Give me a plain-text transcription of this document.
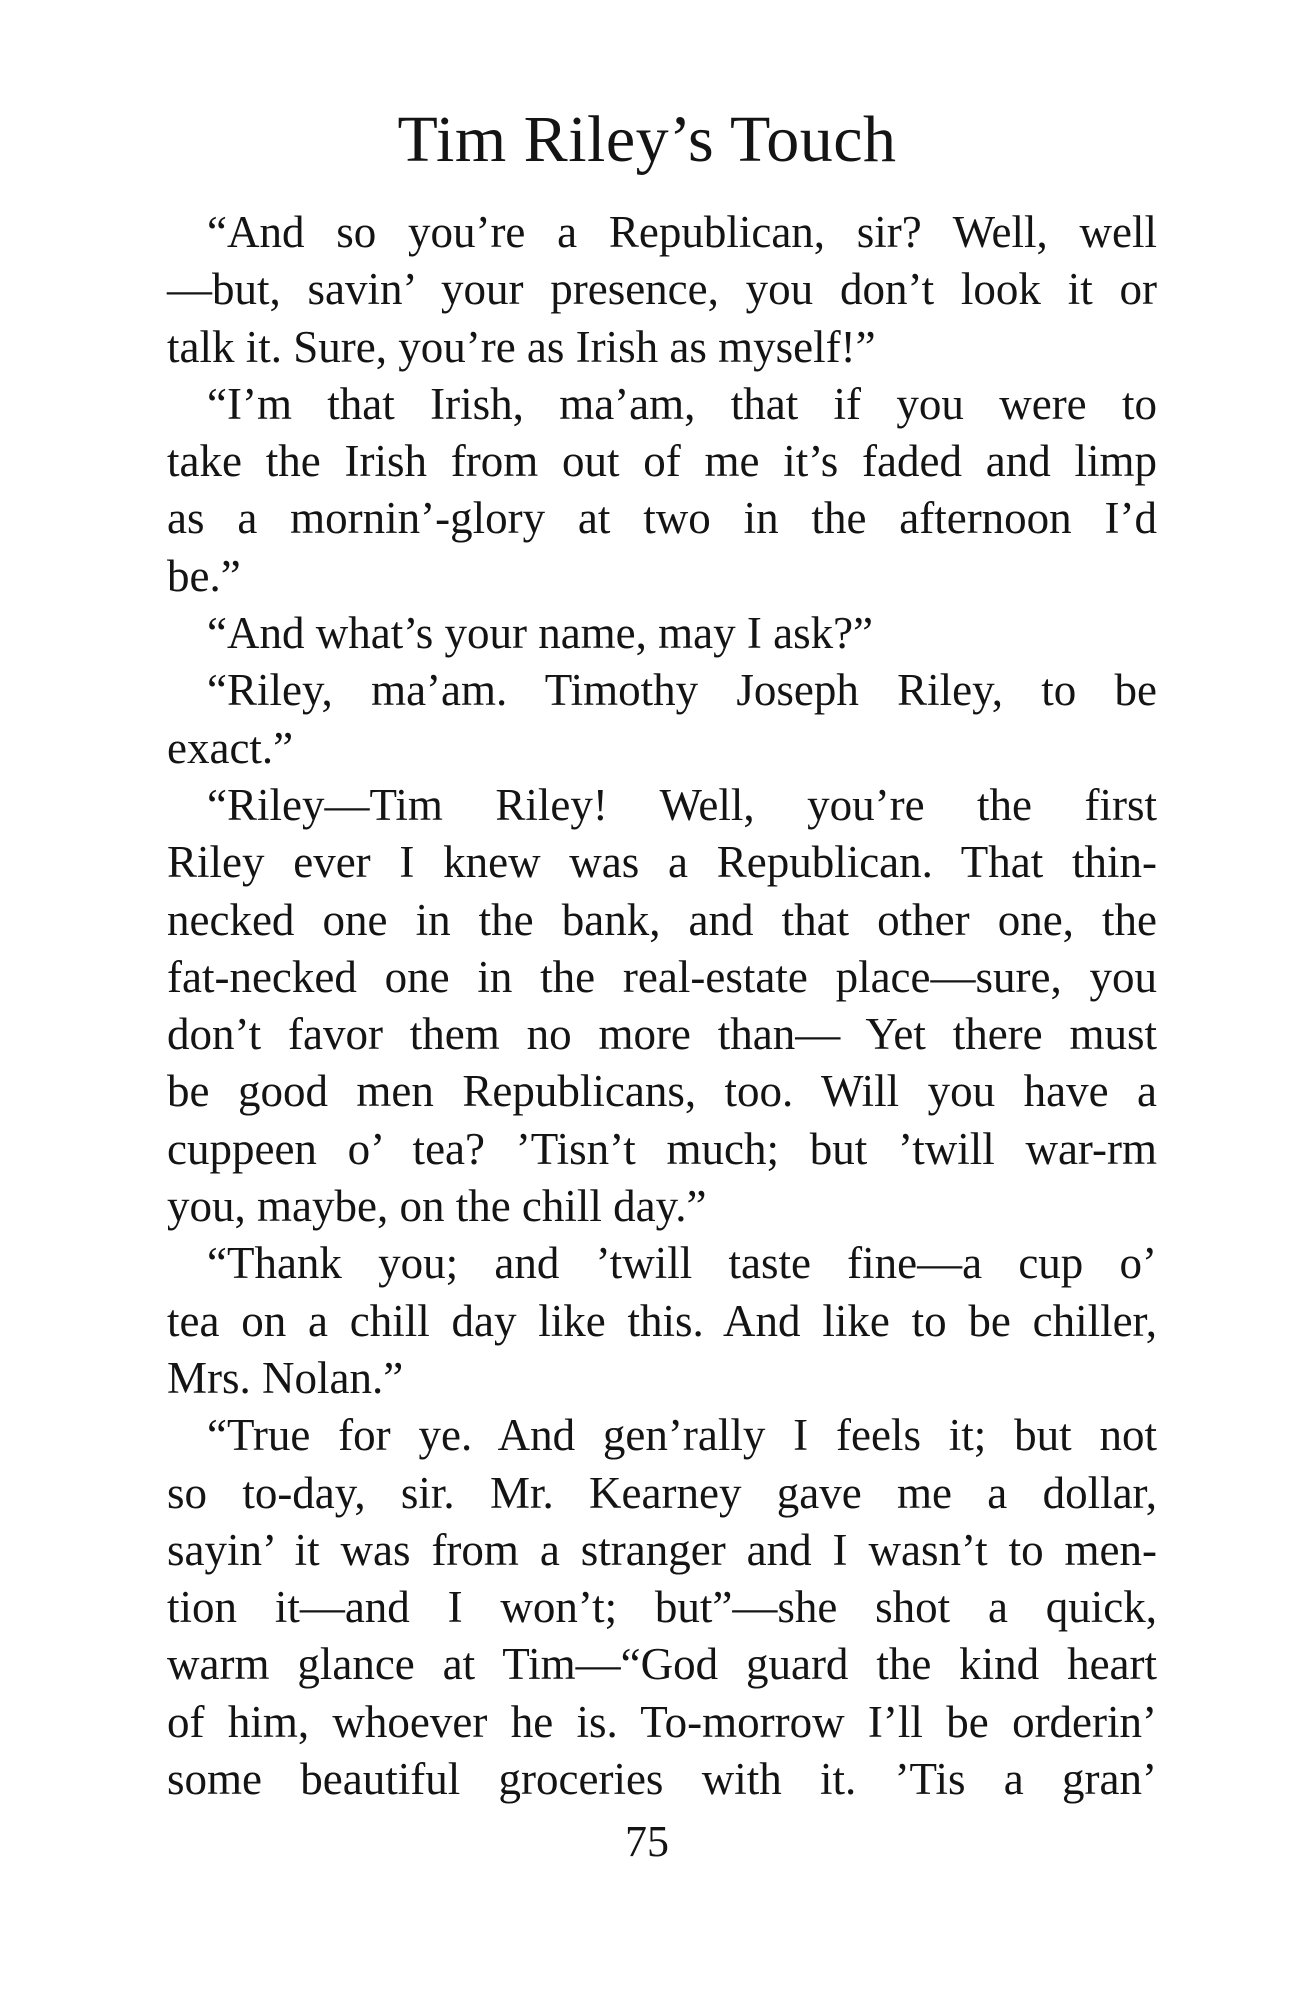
Tim Riley’s Touch
“And so you’re a Republican, sir? Well, well
—but, savin’ your presence, you don’t look it or
talk it. Sure, you’re as Irish as myself!”
“I’m that Irish, ma’am, that if you were to
take the Irish from out of me it’s faded and limp
as a mornin’-glory at two in the afternoon I’d
be.”
“And what’s your name, may I ask?”
“Riley, ma’am. Timothy Joseph Riley, to be
exact.”
“Riley—Tim Riley! Well, you’re the first
Riley ever I knew was a Republican. That thin-
necked one in the bank, and that other one, the
fat-necked one in the real-estate place—sure, you
don’t favor them no more than— Yet there must
be good men Republicans, too. Will you have a
cuppeen o’ tea? ’Tisn’t much; but ’twill war-rm
you, maybe, on the chill day.”
“Thank you; and ’twill taste fine—a cup o’
tea on a chill day like this. And like to be chiller,
Mrs. Nolan.”
“True for ye. And gen’rally I feels it; but not
so to-day, sir. Mr. Kearney gave me a dollar,
sayin’ it was from a stranger and I wasn’t to men-
tion it—and I won’t; but”—she shot a quick,
warm glance at Tim—“God guard the kind heart
of him, whoever he is. To-morrow I’ll be orderin’
some beautiful groceries with it. ’Tis a gran’
75
